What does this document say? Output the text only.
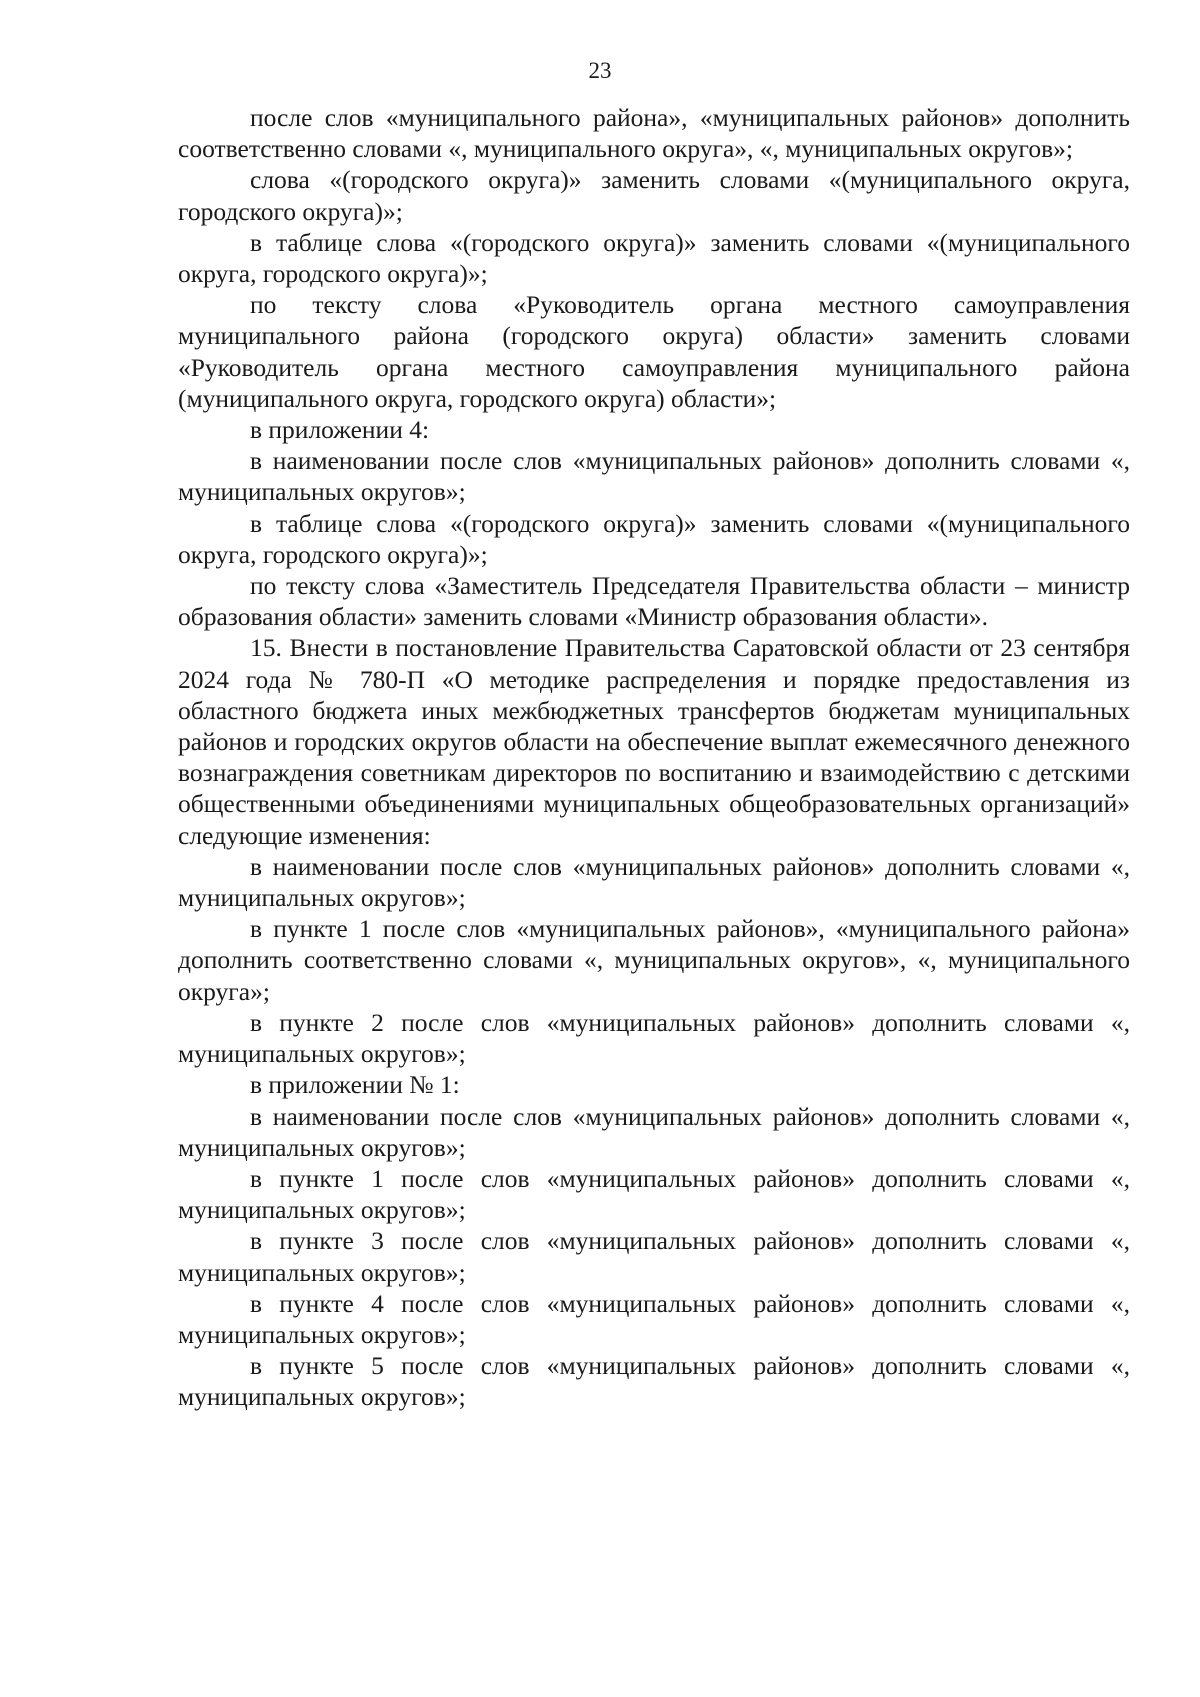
23

после слов «муниципального района», «муниципальных районов» дополнить соответственно словами «, муниципального округа», «, муниципальных округов»;

слова «(городского округа)» заменить словами «(муниципального округа, городского округа)»;

в таблице слова «(городского округа)» заменить словами «(муниципального округа, городского округа)»;

по тексту слова «Руководитель органа местного самоуправления муниципального района (городского округа) области» заменить словами «Руководитель органа местного самоуправления муниципального района (муниципального округа, городского округа) области»;

в приложении 4:

в наименовании после слов «муниципальных районов» дополнить словами «, муниципальных округов»;

в таблице слова «(городского округа)» заменить словами «(муниципального округа, городского округа)»;

по тексту слова «Заместитель Председателя Правительства области – министр образования области» заменить словами «Министр образования области».

15. Внести в постановление Правительства Саратовской области от 23 сентября 2024 года № 780-П «О методике распределения и порядке предоставления из областного бюджета иных межбюджетных трансфертов бюджетам муниципальных районов и городских округов области на обеспечение выплат ежемесячного денежного вознаграждения советникам директоров по воспитанию и взаимодействию с детскими общественными объединениями муниципальных общеобразовательных организаций» следующие изменения:

в наименовании после слов «муниципальных районов» дополнить словами «, муниципальных округов»;

в пункте 1 после слов «муниципальных районов», «муниципального района» дополнить соответственно словами «, муниципальных округов», «, муниципального округа»;

в пункте 2 после слов «муниципальных районов» дополнить словами «, муниципальных округов»;

в приложении № 1:

в наименовании после слов «муниципальных районов» дополнить словами «, муниципальных округов»;

в пункте 1 после слов «муниципальных районов» дополнить словами «, муниципальных округов»;

в пункте 3 после слов «муниципальных районов» дополнить словами «, муниципальных округов»;

в пункте 4 после слов «муниципальных районов» дополнить словами «, муниципальных округов»;

в пункте 5 после слов «муниципальных районов» дополнить словами «, муниципальных округов»;
